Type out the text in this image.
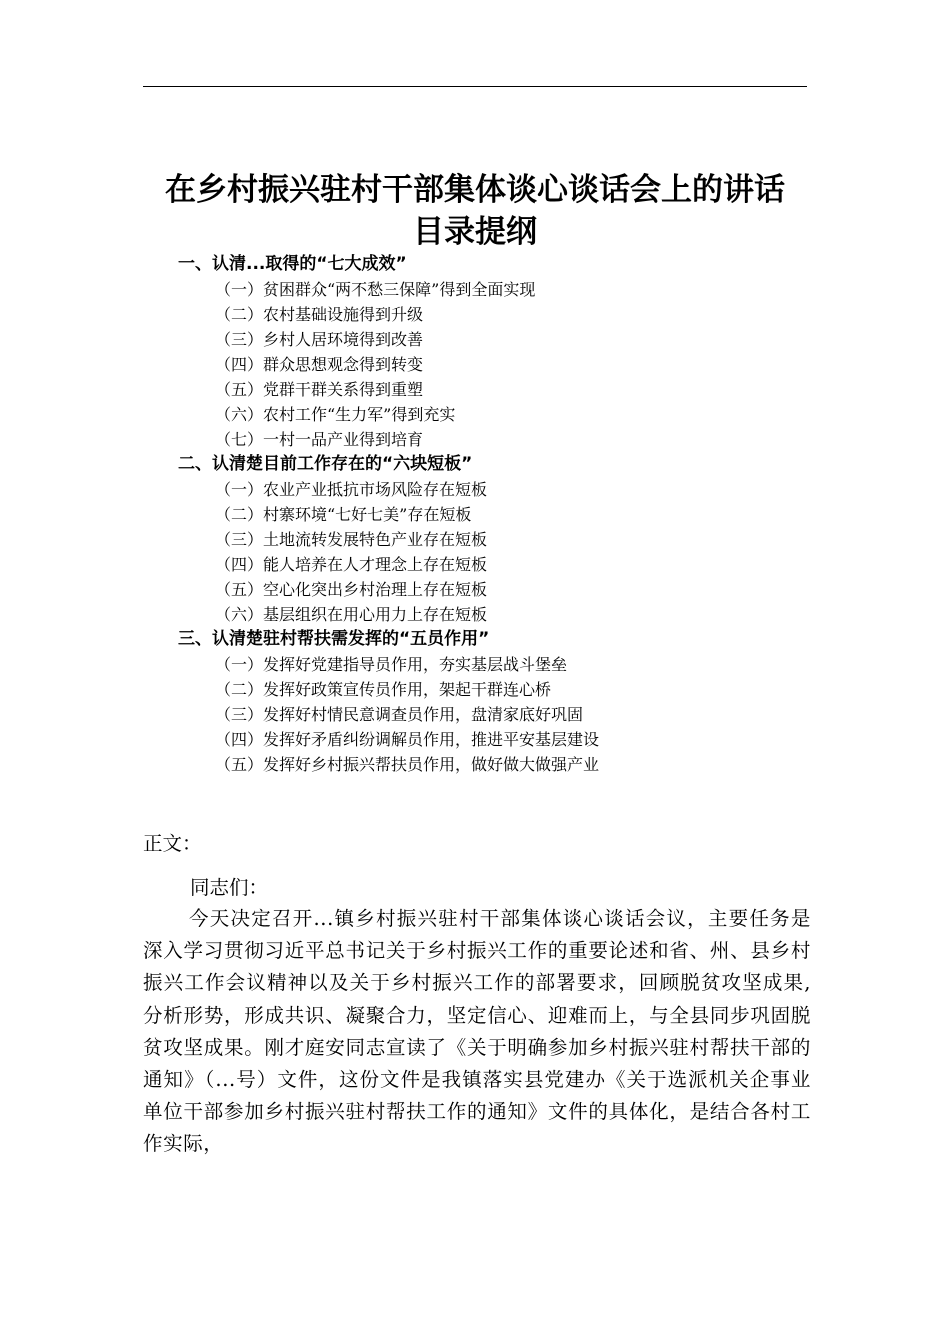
在乡村振兴驻村干部集体谈心谈话会上的讲话
目录提纲
一、认清...取得的“七大成效”
（一）贫困群众“两不愁三保障”得到全面实现
（二）农村基础设施得到升级
（三）乡村人居环境得到改善
（四）群众思想观念得到转变
（五）党群干群关系得到重塑
（六）农村工作“生力军”得到充实
（七）一村一品产业得到培育
二、认清楚目前工作存在的“六块短板”
（一）农业产业抵抗市场风险存在短板
（二）村寨环境“七好七美”存在短板
（三）土地流转发展特色产业存在短板
（四）能人培养在人才理念上存在短板
（五）空心化突出乡村治理上存在短板
（六）基层组织在用心用力上存在短板
三、认清楚驻村帮扶需发挥的“五员作用”
（一）发挥好党建指导员作用，夯实基层战斗堡垒
（二）发挥好政策宣传员作用，架起干群连心桥
（三）发挥好村情民意调查员作用，盘清家底好巩固
（四）发挥好矛盾纠纷调解员作用，推进平安基层建设
（五）发挥好乡村振兴帮扶员作用，做好做大做强产业
正文：
同志们：

今天决定召开...镇乡村振兴驻村干部集体谈心谈话会议，主要任务是深入学习贯彻习近平总书记关于乡村振兴工作的重要论述和省、州、县乡村振兴工作会议精神以及关于乡村振兴工作的部署要求，回顾脱贫攻坚成果,分析形势，形成共识、凝聚合力，坚定信心、迎难而上，与全县同步巩固脱贫攻坚成果。刚才庭安同志宣读了《关于明确参加乡村振兴驻村帮扶干部的通知》（...号）文件，这份文件是我镇落实县党建办《关于选派机关企事业单位干部参加乡村振兴驻村帮扶工作的通知》文件的具体化，是结合各村工作实际，
